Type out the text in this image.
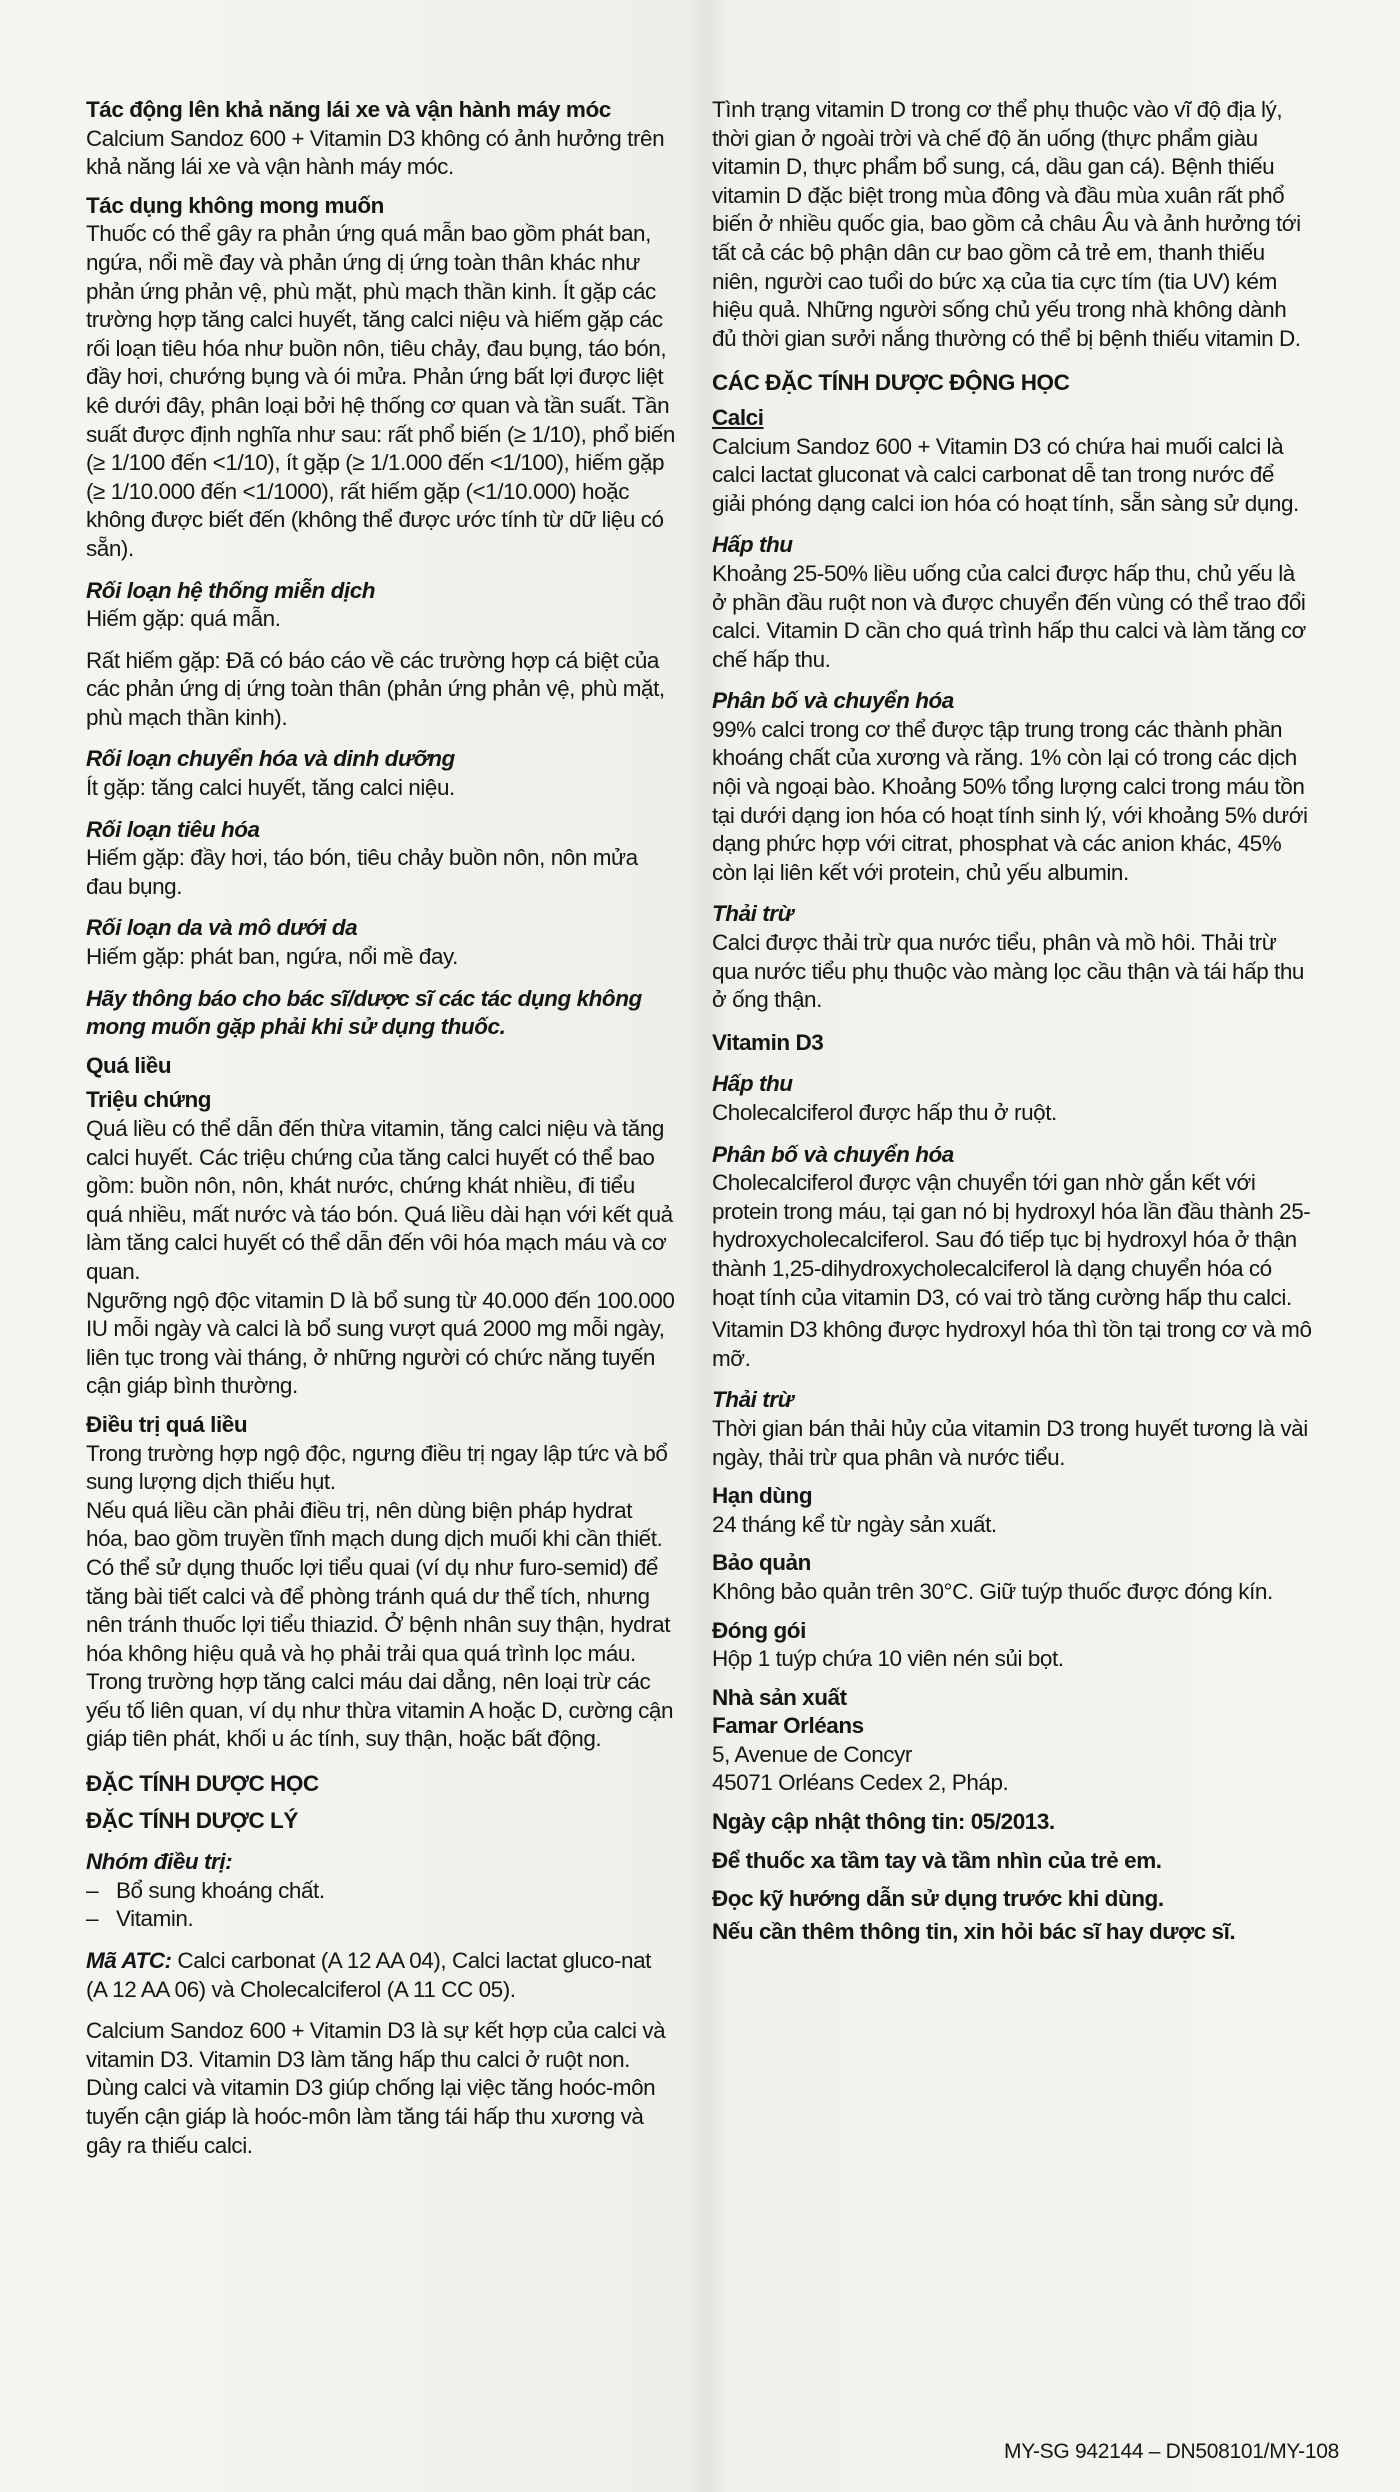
Tác động lên khả năng lái xe và vận hành máy móc

Calcium Sandoz 600 + Vitamin D3 không có ảnh hưởng trên khả năng lái xe và vận hành máy móc.

Tác dụng không mong muốn

Thuốc có thể gây ra phản ứng quá mẫn bao gồm phát ban, ngứa, nổi mề đay và phản ứng dị ứng toàn thân khác như phản ứng phản vệ, phù mặt, phù mạch thần kinh. Ít gặp các trường hợp tăng calci huyết, tăng calci niệu và hiếm gặp các rối loạn tiêu hóa như buồn nôn, tiêu chảy, đau bụng, táo bón, đầy hơi, chướng bụng và ói mửa. Phản ứng bất lợi được liệt kê dưới đây, phân loại bởi hệ thống cơ quan và tần suất. Tần suất được định nghĩa như sau: rất phổ biến (≥ 1/10), phổ biến (≥ 1/100 đến <1/10), ít gặp (≥ 1/1.000 đến <1/100), hiếm gặp (≥ 1/10.000 đến <1/1000), rất hiếm gặp (<1/10.000) hoặc không được biết đến (không thể được ước tính từ dữ liệu có sẵn).

Rối loạn hệ thống miễn dịch

Hiếm gặp: quá mẫn.

Rất hiếm gặp: Đã có báo cáo về các trường hợp cá biệt của các phản ứng dị ứng toàn thân (phản ứng phản vệ, phù mặt, phù mạch thần kinh).

Rối loạn chuyển hóa và dinh dưỡng

Ít gặp: tăng calci huyết, tăng calci niệu.

Rối loạn tiêu hóa

Hiếm gặp: đầy hơi, táo bón, tiêu chảy buồn nôn, nôn mửa đau bụng.

Rối loạn da và mô dưới da

Hiếm gặp: phát ban, ngứa, nổi mề đay.

Hãy thông báo cho bác sĩ/dược sĩ các tác dụng không mong muốn gặp phải khi sử dụng thuốc.

Quá liều

Triệu chứng

Quá liều có thể dẫn đến thừa vitamin, tăng calci niệu và tăng calci huyết. Các triệu chứng của tăng calci huyết có thể bao gồm: buồn nôn, nôn, khát nước, chứng khát nhiều, đi tiểu quá nhiều, mất nước và táo bón. Quá liều dài hạn với kết quả làm tăng calci huyết có thể dẫn đến vôi hóa mạch máu và cơ quan.

Ngưỡng ngộ độc vitamin D là bổ sung từ 40.000 đến 100.000 IU mỗi ngày và calci là bổ sung vượt quá 2000 mg mỗi ngày, liên tục trong vài tháng, ở những người có chức năng tuyến cận giáp bình thường.

Điều trị quá liều

Trong trường hợp ngộ độc, ngưng điều trị ngay lập tức và bổ sung lượng dịch thiếu hụt.

Nếu quá liều cần phải điều trị, nên dùng biện pháp hydrat hóa, bao gồm truyền tĩnh mạch dung dịch muối khi cần thiết. Có thể sử dụng thuốc lợi tiểu quai (ví dụ như furo-semid) để tăng bài tiết calci và để phòng tránh quá dư thể tích, nhưng nên tránh thuốc lợi tiểu thiazid. Ở bệnh nhân suy thận, hydrat hóa không hiệu quả và họ phải trải qua quá trình lọc máu. Trong trường hợp tăng calci máu dai dẳng, nên loại trừ các yếu tố liên quan, ví dụ như thừa vitamin A hoặc D, cường cận giáp tiên phát, khối u ác tính, suy thận, hoặc bất động.

ĐẶC TÍNH DƯỢC HỌC

ĐẶC TÍNH DƯỢC LÝ

Nhóm điều trị:

– Bổ sung khoáng chất.

– Vitamin.

Mã ATC: Calci carbonat (A 12 AA 04), Calci lactat gluco-nat (A 12 AA 06) và Cholecalciferol (A 11 CC 05).

Calcium Sandoz 600 + Vitamin D3 là sự kết hợp của calci và vitamin D3. Vitamin D3 làm tăng hấp thu calci ở ruột non. Dùng calci và vitamin D3 giúp chống lại việc tăng hoóc-môn tuyến cận giáp là hoóc-môn làm tăng tái hấp thu xương và gây ra thiếu calci.

Tình trạng vitamin D trong cơ thể phụ thuộc vào vĩ độ địa lý, thời gian ở ngoài trời và chế độ ăn uống (thực phẩm giàu vitamin D, thực phẩm bổ sung, cá, dầu gan cá). Bệnh thiếu vitamin D đặc biệt trong mùa đông và đầu mùa xuân rất phổ biến ở nhiều quốc gia, bao gồm cả châu Âu và ảnh hưởng tới tất cả các bộ phận dân cư bao gồm cả trẻ em, thanh thiếu niên, người cao tuổi do bức xạ của tia cực tím (tia UV) kém hiệu quả. Những người sống chủ yếu trong nhà không dành đủ thời gian sưởi nắng thường có thể bị bệnh thiếu vitamin D.

CÁC ĐẶC TÍNH DƯỢC ĐỘNG HỌC

Calci

Calcium Sandoz 600 + Vitamin D3 có chứa hai muối calci là calci lactat gluconat và calci carbonat dễ tan trong nước để giải phóng dạng calci ion hóa có hoạt tính, sẵn sàng sử dụng.

Hấp thu

Khoảng 25-50% liều uống của calci được hấp thu, chủ yếu là ở phần đầu ruột non và được chuyển đến vùng có thể trao đổi calci. Vitamin D cần cho quá trình hấp thu calci và làm tăng cơ chế hấp thu.

Phân bố và chuyển hóa

99% calci trong cơ thể được tập trung trong các thành phần khoáng chất của xương và răng. 1% còn lại có trong các dịch nội và ngoại bào. Khoảng 50% tổng lượng calci trong máu tồn tại dưới dạng ion hóa có hoạt tính sinh lý, với khoảng 5% dưới dạng phức hợp với citrat, phosphat và các anion khác, 45% còn lại liên kết với protein, chủ yếu albumin.

Thải trừ

Calci được thải trừ qua nước tiểu, phân và mồ hôi. Thải trừ qua nước tiểu phụ thuộc vào màng lọc cầu thận và tái hấp thu ở ống thận.

Vitamin D3

Hấp thu

Cholecalciferol được hấp thu ở ruột.

Phân bố và chuyển hóa

Cholecalciferol được vận chuyển tới gan nhờ gắn kết với protein trong máu, tại gan nó bị hydroxyl hóa lần đầu thành 25-hydroxycholecalciferol. Sau đó tiếp tục bị hydroxyl hóa ở thận thành 1,25-dihydroxycholecalciferol là dạng chuyển hóa có hoạt tính của vitamin D3, có vai trò tăng cường hấp thu calci.

Vitamin D3 không được hydroxyl hóa thì tồn tại trong cơ và mô mỡ.

Thải trừ

Thời gian bán thải hủy của vitamin D3 trong huyết tương là vài ngày, thải trừ qua phân và nước tiểu.

Hạn dùng

24 tháng kể từ ngày sản xuất.

Bảo quản

Không bảo quản trên 30°C. Giữ tuýp thuốc được đóng kín.

Đóng gói

Hộp 1 tuýp chứa 10 viên nén sủi bọt.

Nhà sản xuất

Famar Orléans

5, Avenue de Concyr

45071 Orléans Cedex 2, Pháp.

Ngày cập nhật thông tin: 05/2013.

Để thuốc xa tầm tay và tầm nhìn của trẻ em.

Đọc kỹ hướng dẫn sử dụng trước khi dùng.

Nếu cần thêm thông tin, xin hỏi bác sĩ hay dược sĩ.

MY-SG 942144 – DN508101/MY-108
